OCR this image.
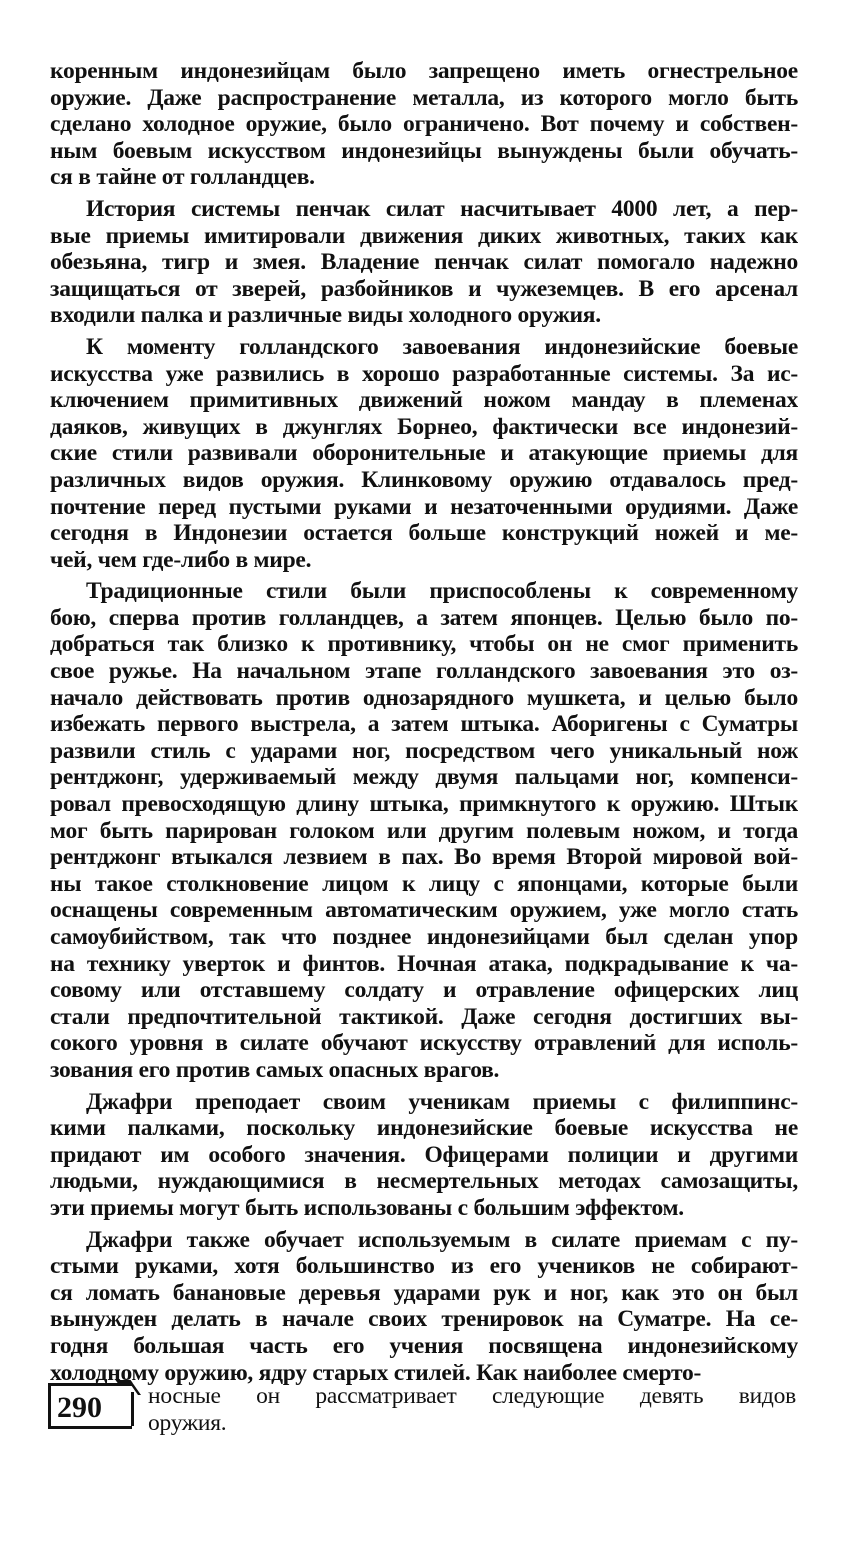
коренным индонезийцам было запрещено иметь огнестрельное
оружие. Даже распространение металла, из которого могло быть
сделано холодное оружие, было ограничено. Вот почему и собствен-
ным боевым искусством индонезийцы вынуждены были обучать-
ся в тайне от голландцев.
История системы пенчак силат насчитывает 4000 лет, а пер-
вые приемы имитировали движения диких животных, таких как
обезьяна, тигр и змея. Владение пенчак силат помогало надежно
защищаться от зверей, разбойников и чужеземцев. В его арсенал
входили палка и различные виды холодного оружия.
К моменту голландского завоевания индонезийские боевые
искусства уже развились в хорошо разработанные системы. За ис-
ключением примитивных движений ножом мандау в племенах
даяков, живущих в джунглях Борнео, фактически все индонезий-
ские стили развивали оборонительные и атакующие приемы для
различных видов оружия. Клинковому оружию отдавалось пред-
почтение перед пустыми руками и незаточенными орудиями. Даже
сегодня в Индонезии остается больше конструкций ножей и ме-
чей, чем где-либо в мире.
Традиционные стили были приспособлены к современному
бою, сперва против голландцев, а затем японцев. Целью было по-
добраться так близко к противнику, чтобы он не смог применить
свое ружье. На начальном этапе голландского завоевания это оз-
начало действовать против однозарядного мушкета, и целью было
избежать первого выстрела, а затем штыка. Аборигены с Суматры
развили стиль с ударами ног, посредством чего уникальный нож
рентджонг, удерживаемый между двумя пальцами ног, компенси-
ровал превосходящую длину штыка, примкнутого к оружию. Штык
мог быть парирован голоком или другим полевым ножом, и тогда
рентджонг втыкался лезвием в пах. Во время Второй мировой вой-
ны такое столкновение лицом к лицу с японцами, которые были
оснащены современным автоматическим оружием, уже могло стать
самоубийством, так что позднее индонезийцами был сделан упор
на технику уверток и финтов. Ночная атака, подкрадывание к ча-
совому или отставшему солдату и отравление офицерских лиц
стали предпочтительной тактикой. Даже сегодня достигших вы-
сокого уровня в силате обучают искусству отравлений для исполь-
зования его против самых опасных врагов.
Джафри преподает своим ученикам приемы с филиппинс-
кими палками, поскольку индонезийские боевые искусства не
придают им особого значения. Офицерами полиции и другими
людьми, нуждающимися в несмертельных методах самозащиты,
эти приемы могут быть использованы с большим эффектом.
Джафри также обучает используемым в силате приемам с пу-
стыми руками, хотя большинство из его учеников не собирают-
ся ломать банановые деревья ударами рук и ног, как это он был
вынужден делать в начале своих тренировок на Суматре. На се-
годня большая часть его учения посвящена индонезийскому
холодному оружию, ядру старых стилей. Как наиболее смерто-
290 носные он рассматривает следующие девять видов
оружия.
